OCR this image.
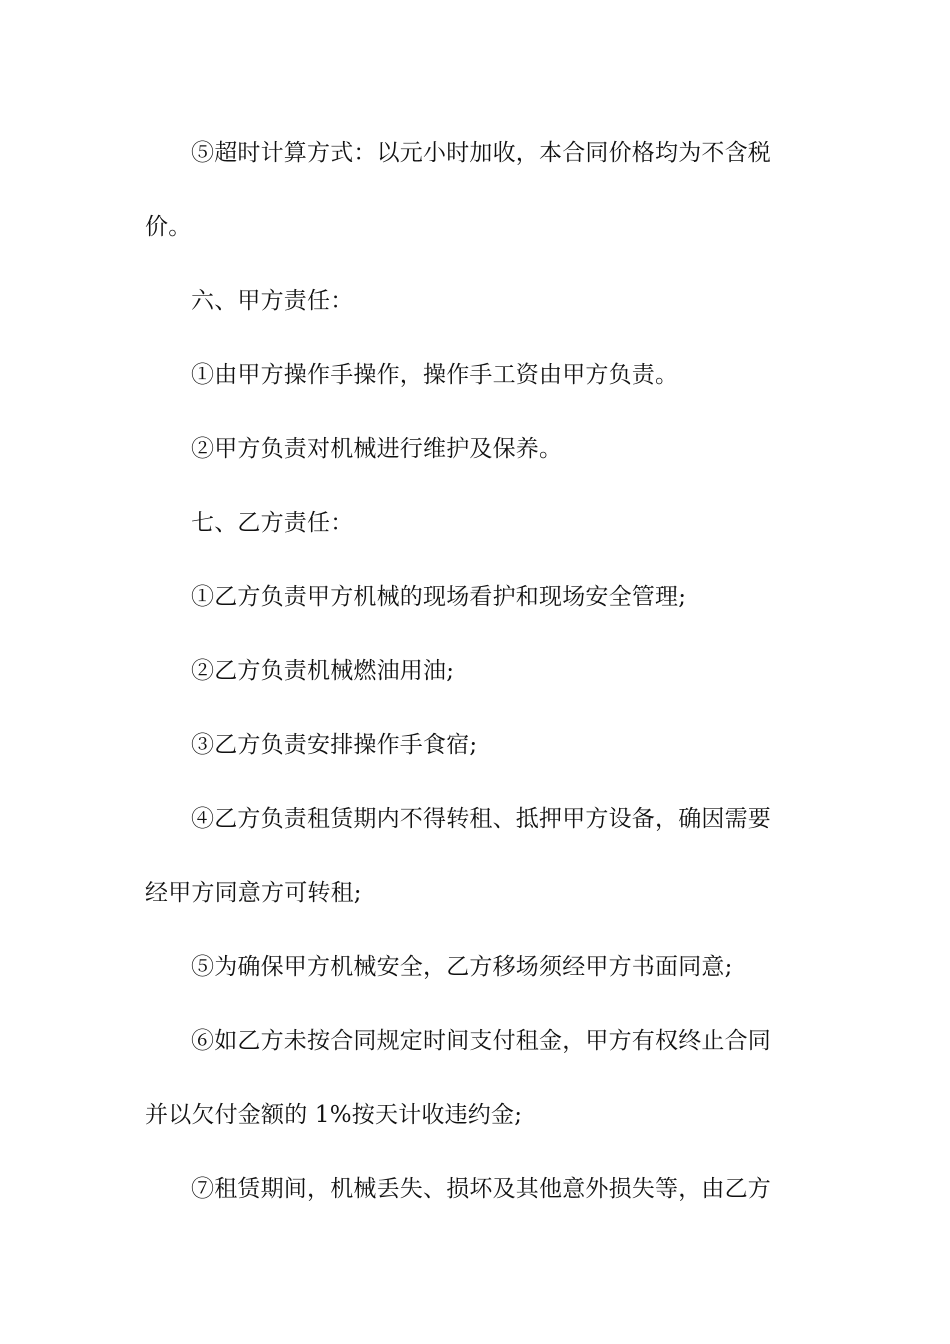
⑤超时计算方式：以元小时加收，本合同价格均为不含税
价。
六、甲方责任：
①由甲方操作手操作，操作手工资由甲方负责。
②甲方负责对机械进行维护及保养。
七、乙方责任：
①乙方负责甲方机械的现场看护和现场安全管理;
②乙方负责机械燃油用油;
③乙方负责安排操作手食宿;
④乙方负责租赁期内不得转租、抵押甲方设备，确因需要
经甲方同意方可转租;
⑤为确保甲方机械安全，乙方移场须经甲方书面同意;
⑥如乙方未按合同规定时间支付租金，甲方有权终止合同
并以欠付金额的 1%按天计收违约金;
⑦租赁期间，机械丢失、损坏及其他意外损失等，由乙方
